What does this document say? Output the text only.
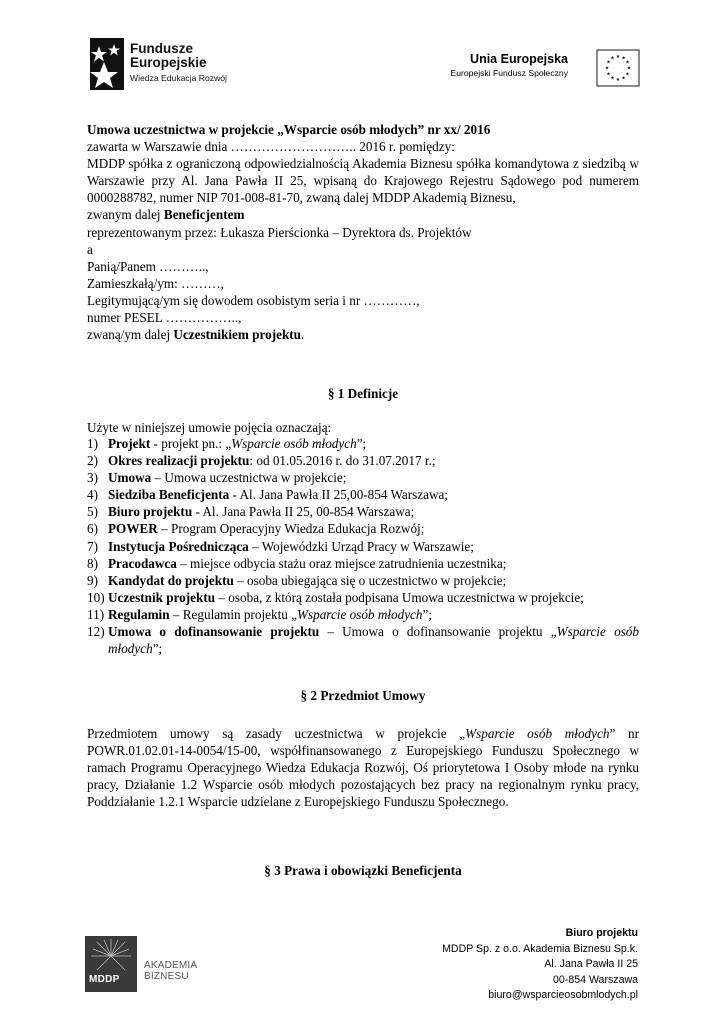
Fundusze
Europejskie
Wiedza Edukacja Rozwój
Unia Europejska
Europejski Fundusz Społeczny
★ ★
★
★
★
★
★
★
★
★
★
★

Umowa uczestnictwa w projekcie „Wsparcie osób młodych” nr xx/ 2016

zawarta w Warszawie dnia ……………………….. 2016 r. pomiędzy:

MDDP spółka z ograniczoną odpowiedzialnością Akademia Biznesu spółka komandytowa z siedzibą w Warszawie przy Al. Jana Pawła II 25, wpisaną do Krajowego Rejestru Sądowego pod numerem 0000288782, numer NIP 701-008-81-70, zwaną dalej MDDP Akademią Biznesu,

zwanym dalej Beneficjentem

reprezentowanym przez: Łukasza Pierścionka – Dyrektora ds. Projektów

a

Panią/Panem ………..,

Zamieszkałą/ym: ………,

Legitymującą/ym się dowodem osobistym seria i nr …………,

numer PESEL ……………..,

zwaną/ym dalej Uczestnikiem projektu.

§ 1 Definicje
Użyte w niniejszej umowie pojęcia oznaczają:
1) Projekt - projekt pn.: „Wsparcie osób młodych”;
2) Okres realizacji projektu: od 01.05.2016 r. do 31.07.2017 r.;
3) Umowa – Umowa uczestnictwa w projekcie;
4) Siedziba Beneficjenta - Al. Jana Pawła II 25,00-854 Warszawa;
5) Biuro projektu - Al. Jana Pawła II 25, 00-854 Warszawa;
6) POWER – Program Operacyjny Wiedza Edukacja Rozwój;
7) Instytucja Pośrednicząca – Wojewódzki Urząd Pracy w Warszawie;
8) Pracodawca – miejsce odbycia stażu oraz miejsce zatrudnienia uczestnika;
9) Kandydat do projektu – osoba ubiegająca się o uczestnictwo w projekcie;
10) Uczestnik projektu – osoba, z którą została podpisana Umowa uczestnictwa w projekcie;
11) Regulamin – Regulamin projektu „Wsparcie osób młodych”;
12) Umowa o dofinansowanie projektu – Umowa o dofinansowanie projektu „Wsparcie osób młodych”;
§ 2 Przedmiot Umowy
Przedmiotem umowy są zasady uczestnictwa w projekcie „Wsparcie osób młodych” nr POWR.01.02.01-14-0054/15-00, współfinansowanego z Europejskiego Funduszu Społecznego w ramach Programu Operacyjnego Wiedza Edukacja Rozwój, Oś priorytetowa I Osoby młode na rynku pracy, Działanie 1.2 Wsparcie osób młodych pozostających bez pracy na regionalnym rynku pracy, Poddziałanie 1.2.1 Wsparcie udzielane z Europejskiego Funduszu Społecznego.
§ 3 Prawa i obowiązki Beneficjenta
MDDP
AKADEMIA
BIZNESU
Biuro projektu
MDDP Sp. z o.o. Akademia Biznesu Sp.k.
Al. Jana Pawła II 25
00-854 Warszawa
biuro@wsparcieosobmlodych.pl
